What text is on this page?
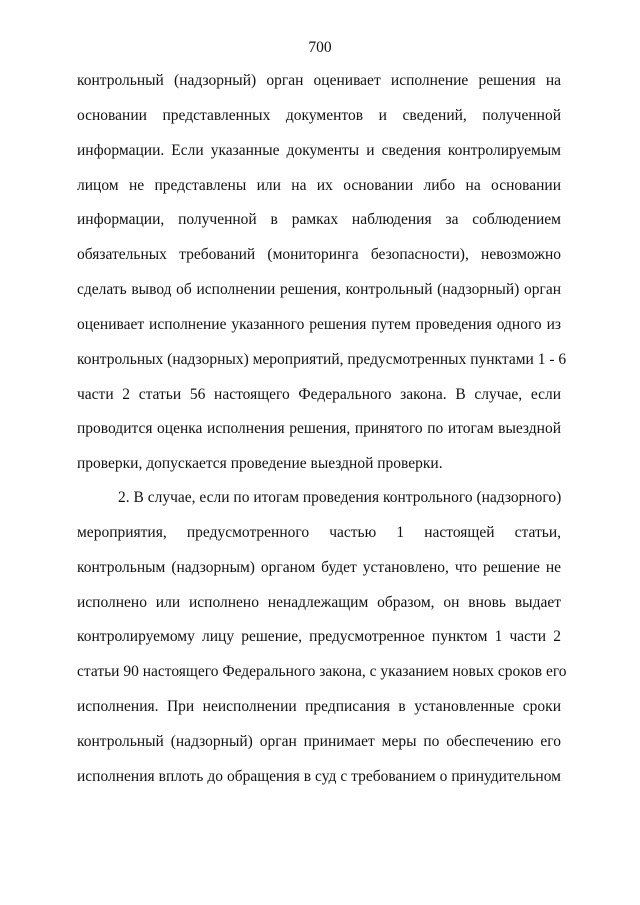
700
контрольный (надзорный) орган оценивает исполнение решения на
основании представленных документов и сведений, полученной
информации. Если указанные документы и сведения контролируемым
лицом не представлены или на их основании либо на основании
информации, полученной в рамках наблюдения за соблюдением
обязательных требований (мониторинга безопасности), невозможно
сделать вывод об исполнении решения, контрольный (надзорный) орган
оценивает исполнение указанного решения путем проведения одного из
контрольных (надзорных) мероприятий, предусмотренных пунктами 1 - 6
части 2 статьи 56 настоящего Федерального закона. В случае, если
проводится оценка исполнения решения, принятого по итогам выездной
проверки, допускается проведение выездной проверки.
2. В случае, если по итогам проведения контрольного (надзорного)
мероприятия, предусмотренного частью 1 настоящей статьи,
контрольным (надзорным) органом будет установлено, что решение не
исполнено или исполнено ненадлежащим образом, он вновь выдает
контролируемому лицу решение, предусмотренное пунктом 1 части 2
статьи 90 настоящего Федерального закона, с указанием новых сроков его
исполнения. При неисполнении предписания в установленные сроки
контрольный (надзорный) орган принимает меры по обеспечению его
исполнения вплоть до обращения в суд с требованием о принудительном
